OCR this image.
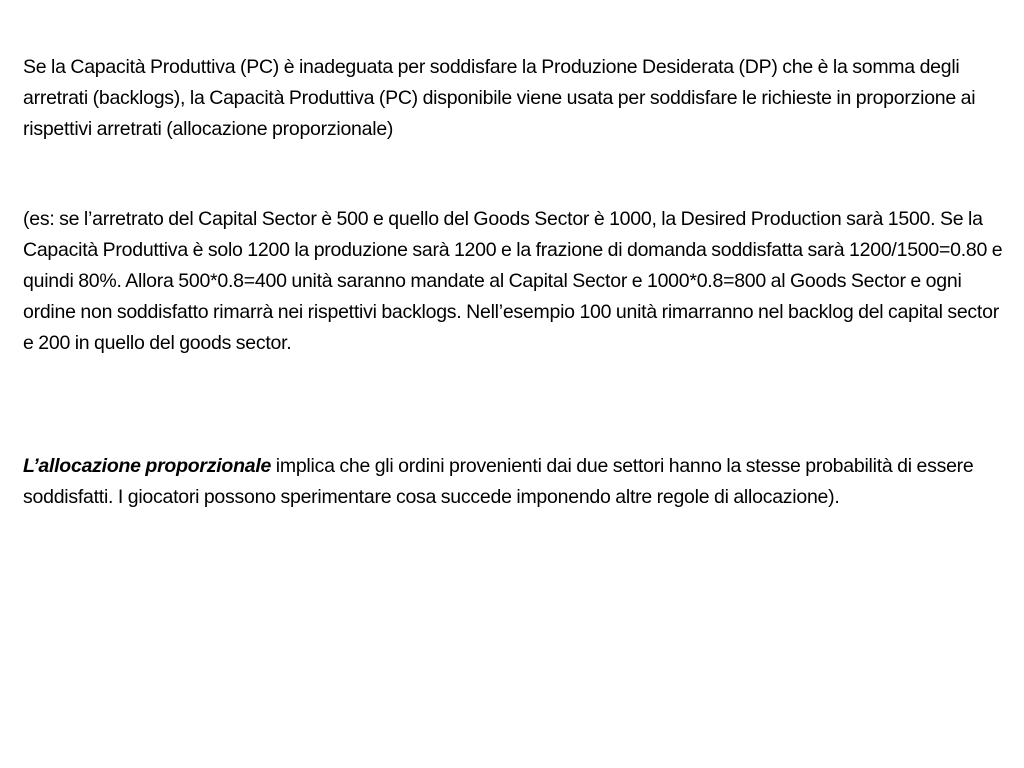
Se la Capacità Produttiva (PC) è inadeguata per soddisfare la Produzione Desiderata (DP) che è la somma degli arretrati (backlogs), la Capacità Produttiva (PC) disponibile viene usata per soddisfare le richieste in proporzione ai rispettivi arretrati (allocazione proporzionale)

(es: se l’arretrato del Capital Sector è 500 e quello del Goods Sector è 1000, la Desired Production sarà 1500. Se la Capacità Produttiva è solo 1200 la produzione sarà 1200 e la frazione di domanda soddisfatta sarà 1200/1500=0.80 e quindi 80%. Allora 500*0.8=400 unità saranno mandate al Capital Sector e 1000*0.8=800 al Goods Sector e ogni ordine non soddisfatto rimarrà nei rispettivi backlogs. Nell’esempio 100 unità rimarranno nel backlog del capital sector e 200 in quello del goods sector.

L’allocazione proporzionale implica che gli ordini provenienti dai due settori hanno la stesse probabilità di essere soddisfatti. I giocatori possono sperimentare cosa succede imponendo altre regole di allocazione).
